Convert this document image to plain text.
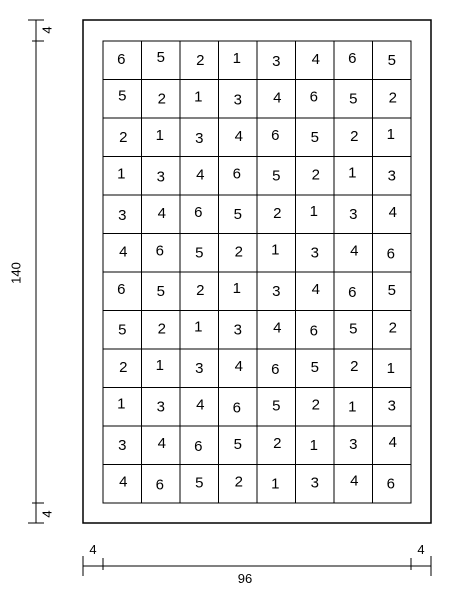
6 5 2 1 3 4 6 5
5 2 1 3 4 6 5 2
2 1 3 4 6 5 2 1
1 3 4 6 5 2 1 3
3 4 6 5 2 1 3 4
4 6 5 2 1 3 4 6
6 5 2 1 3 4 6 5
5 2 1 3 4 6 5 2
2 1 3 4 6 5 2 1
1 3 4 6 5 2 1 3
3 4 6 5 2 1 3 4
4 6 5 2 1 3 4 6
4
4
140
4	4
96
